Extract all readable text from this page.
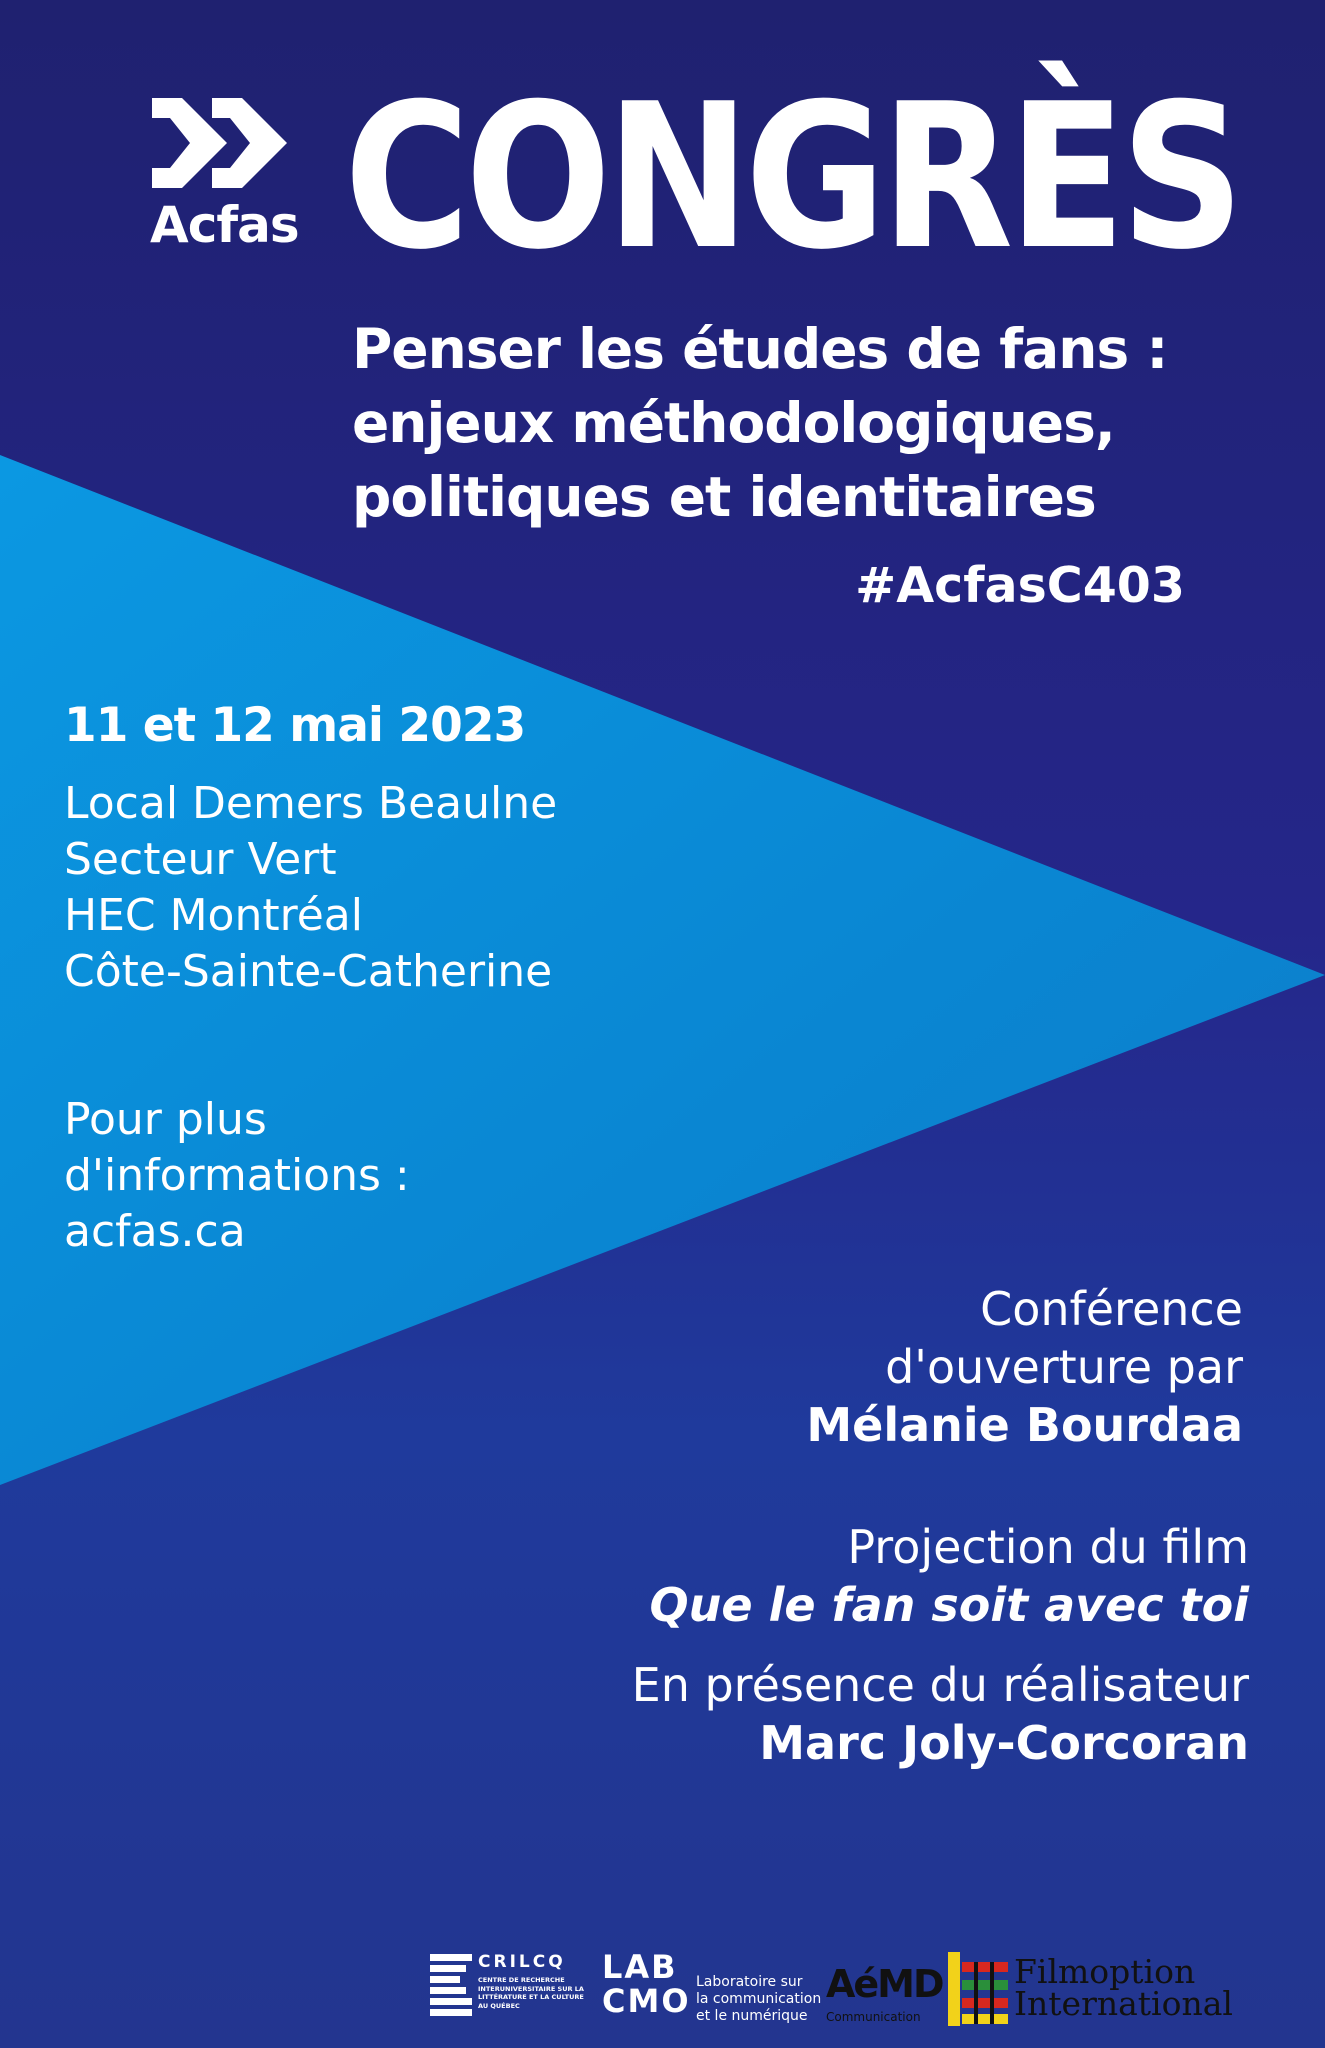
Acfas CONGRÈS

Penser les études de fans :
enjeux méthodologiques,
politiques et identitaires

#AcfasC403

11 et 12 mai 2023

Local Demers Beaulne
Secteur Vert
HEC Montréal
Côte-Sainte-Catherine
Pour plus
d'informations :
acfas.ca
Conférence
d'ouverture par
Mélanie Bourdaa
Projection du film
Que le fan soit avec toi
En présence du réalisateur
Marc Joly-Corcoran

CRILCQ

CENTRE DE RECHERCHE INTERUNIVERSITAIRE SUR LA LITTÉRATURE ET LA CULTURE AU QUÉBEC

LAB
CMO Laboratoire sur
la communication
et le numérique

AéMD

Communication

Filmoption
International
